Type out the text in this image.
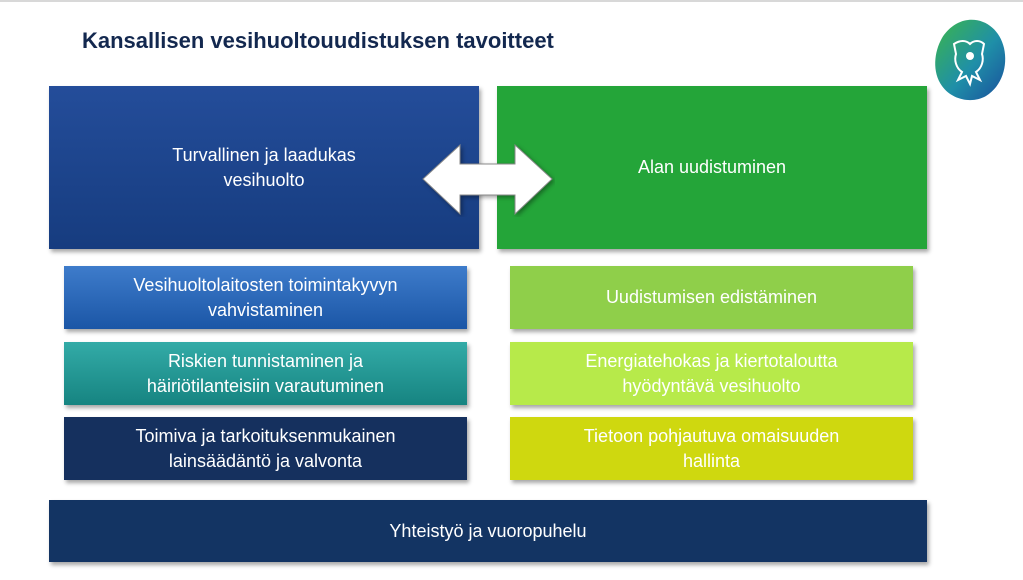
Kansallisen vesihuoltouudistuksen tavoitteet
Turvallinen ja laadukas
vesihuolto
Alan uudistuminen
Vesihuoltolaitosten toimintakyvyn
vahvistaminen
Riskien tunnistaminen ja
häiriötilanteisiin varautuminen
Toimiva ja tarkoituksenmukainen
lainsäädäntö ja valvonta
Uudistumisen edistäminen
Energiatehokas ja kiertotaloutta
hyödyntävä vesihuolto
Tietoon pohjautuva omaisuuden
hallinta
Yhteistyö ja vuoropuhelu
